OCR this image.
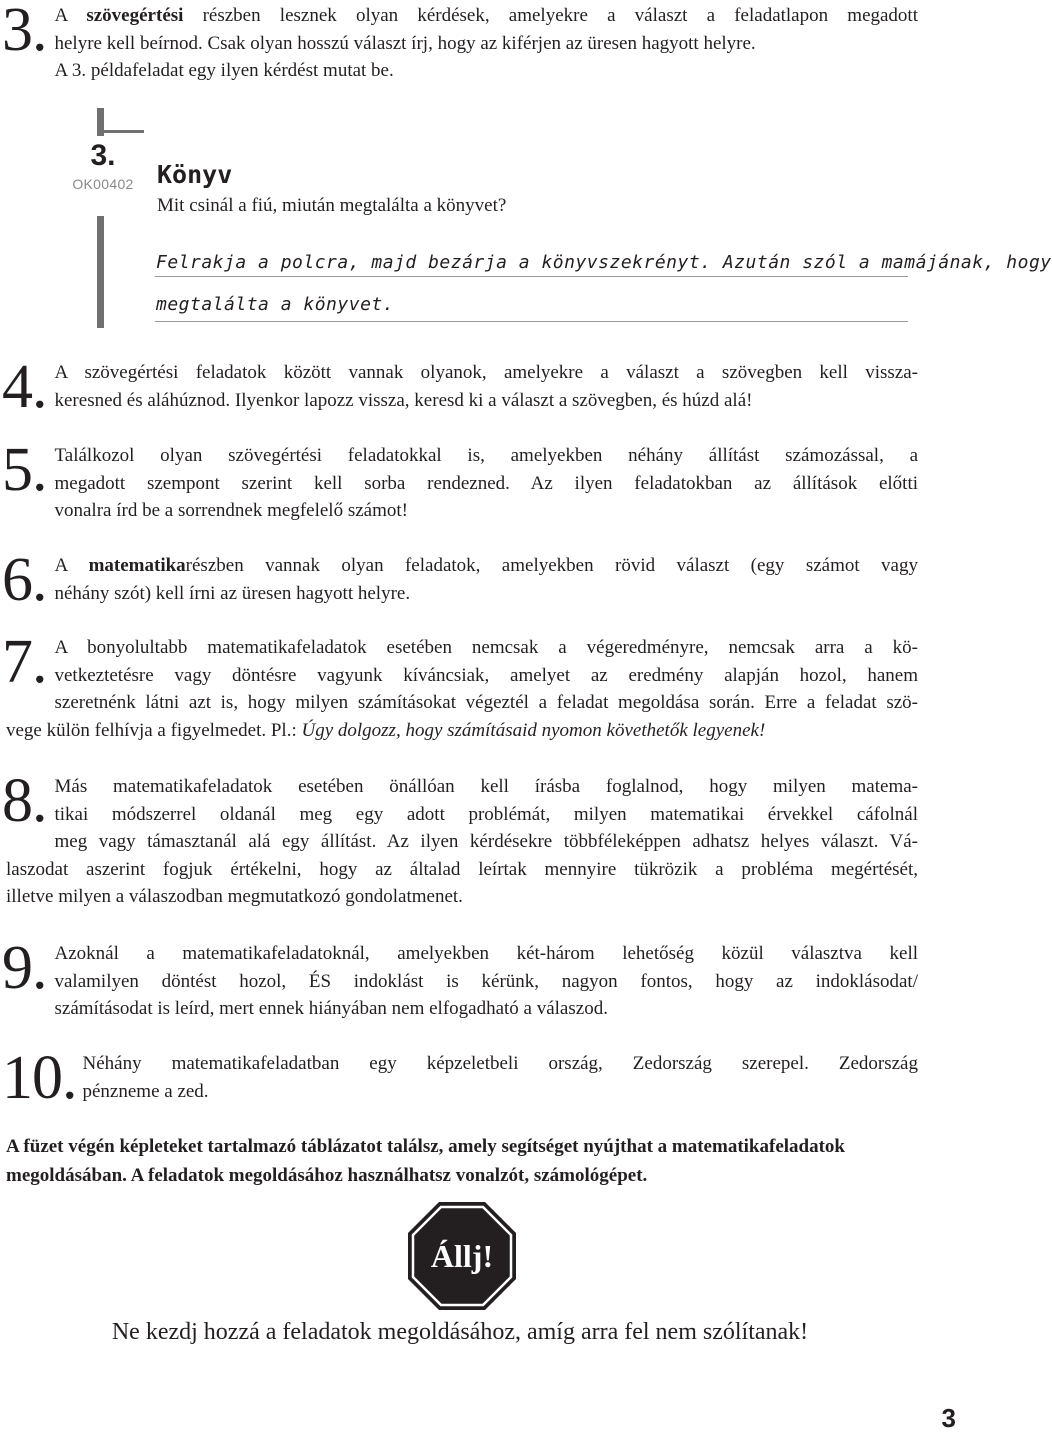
3. A szövegértési részben lesznek olyan kérdések, amelyekre a választ a feladatlapon megadott
helyre kell beírnod. Csak olyan hosszú választ írj, hogy az kiférjen az üresen hagyott helyre.
A 3. példafeladat egy ilyen kérdést mutat be.
3.
OK00402 Könyv
Mit csinál a fiú, miután megtalálta a könyvet?
Felrakja a polcra, majd bezárja a könyvszekrényt. Azután szól a mamájának, hogy
megtalálta a könyvet.
4. A szövegértési feladatok között vannak olyanok, amelyekre a választ a szövegben kell vissza-
keresned és aláhúznod. Ilyenkor lapozz vissza, keresd ki a választ a szövegben, és húzd alá!
5. Találkozol olyan szövegértési feladatokkal is, amelyekben néhány állítást számozással, a
megadott szempont szerint kell sorba rendezned. Az ilyen feladatokban az állítások előtti
vonalra írd be a sorrendnek megfelelő számot!
6. A matematikarészben vannak olyan feladatok, amelyekben rövid választ (egy számot vagy
néhány szót) kell írni az üresen hagyott helyre.
7. A bonyolultabb matematikafeladatok esetében nemcsak a végeredményre, nemcsak arra a kö-
vetkeztetésre vagy döntésre vagyunk kíváncsiak, amelyet az eredmény alapján hozol, hanem
szeretnénk látni azt is, hogy milyen számításokat végeztél a feladat megoldása során. Erre a feladat szö-
vege külön felhívja a figyelmedet. Pl.: Úgy dolgozz, hogy számításaid nyomon követhetők legyenek!
8. Más matematikafeladatok esetében önállóan kell írásba foglalnod, hogy milyen matema-
tikai módszerrel oldanál meg egy adott problémát, milyen matematikai érvekkel cáfolnál
meg vagy támasztanál alá egy állítást. Az ilyen kérdésekre többféleképpen adhatsz helyes választ. Vá-
laszodat aszerint fogjuk értékelni, hogy az általad leírtak mennyire tükrözik a probléma megértését,
illetve milyen a válaszodban megmutatkozó gondolatmenet.
9. Azoknál a matematikafeladatoknál, amelyekben két-három lehetőség közül választva kell
valamilyen döntést hozol, ÉS indoklást is kérünk, nagyon fontos, hogy az indoklásodat/
számításodat is leírd, mert ennek hiányában nem elfogadható a válaszod.
10. Néhány matematikafeladatban egy képzeletbeli ország, Zedország szerepel. Zedország
pénzneme a zed.
A füzet végén képleteket tartalmazó táblázatot találsz, amely segítséget nyújthat a matematikafeladatok
megoldásában. A feladatok megoldásához használhatsz vonalzót, számológépet.
Állj!
Ne kezdj hozzá a feladatok megoldásához, amíg arra fel nem szólítanak!
3
